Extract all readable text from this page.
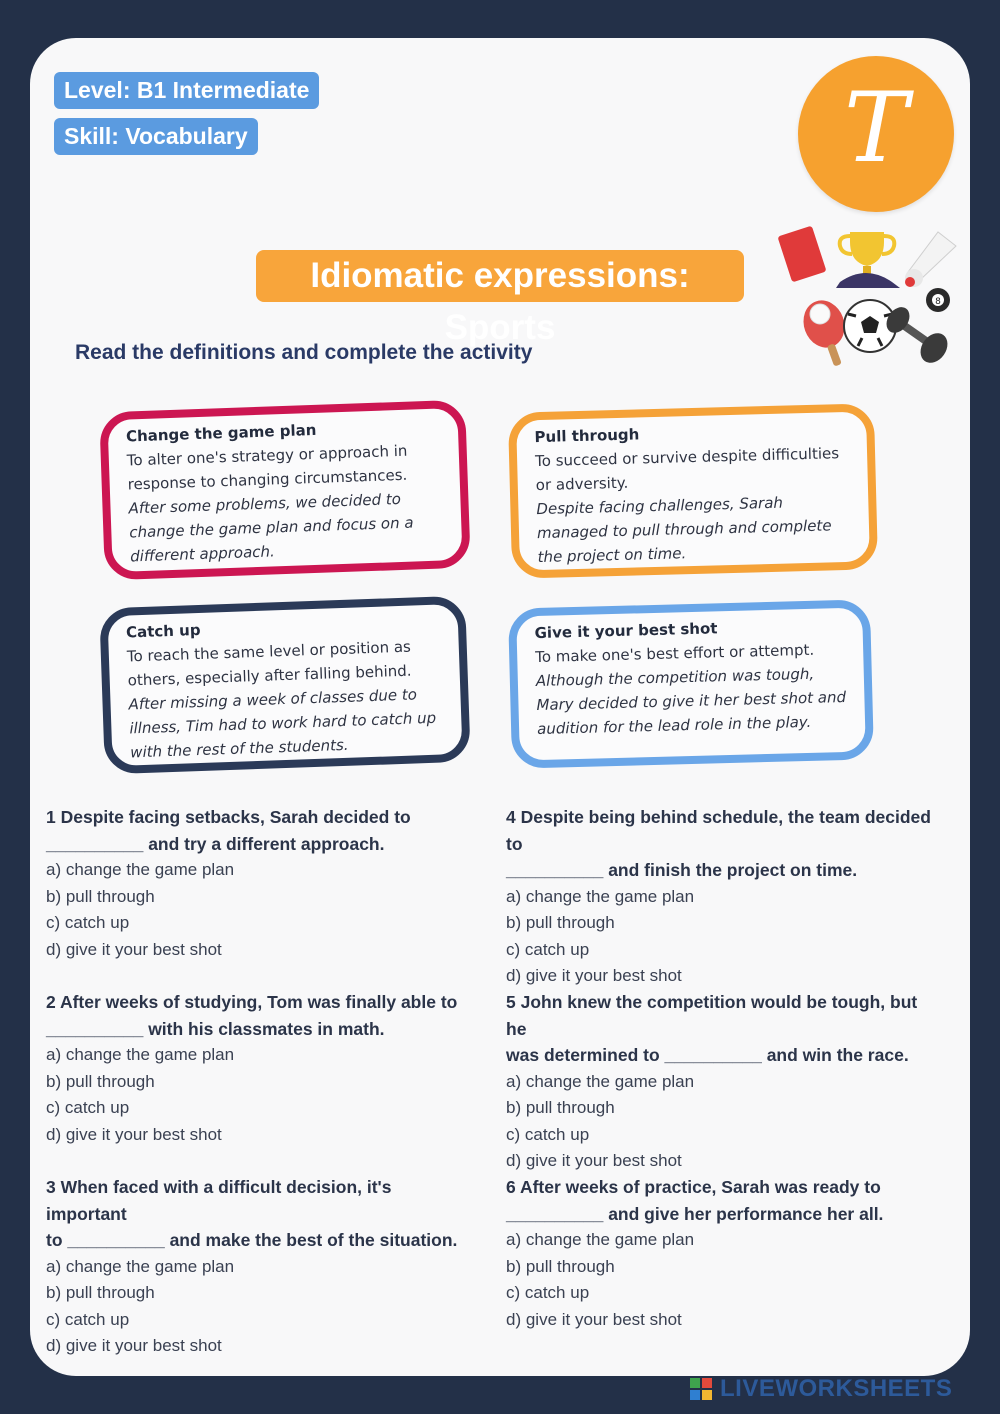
Level: B1 Intermediate
Skill: Vocabulary	T
Idiomatic expressions: Sports
8
Read the definitions and complete the activity
Change the game plan
To alter one's strategy or approach in response to changing circumstances.
After some problems, we decided to change the game plan and focus on a different approach.
Pull through
To succeed or survive despite difficulties or adversity.
Despite facing challenges, Sarah managed to pull through and complete the project on time.
Catch up
To reach the same level or position as others, especially after falling behind.
After missing a week of classes due to illness, Tim had to work hard to catch up with the rest of the students.
Give it your best shot
To make one's best effort or attempt.
Although the competition was tough, Mary decided to give it her best shot and audition for the lead role in the play.
1 Despite facing setbacks, Sarah decided to
__________ and try a different approach.
a) change the game plan
b) pull through
c) catch up
d) give it your best shot
2 After weeks of studying, Tom was finally able to
__________ with his classmates in math.
a) change the game plan
b) pull through
c) catch up
d) give it your best shot
3 When faced with a difficult decision, it's important
to __________ and make the best of the situation.
a) change the game plan
b) pull through
c) catch up
d) give it your best shot
4 Despite being behind schedule, the team decided to
__________ and finish the project on time.
a) change the game plan
b) pull through
c) catch up
d) give it your best shot
5 John knew the competition would be tough, but he
was determined to __________ and win the race.
a) change the game plan
b) pull through
c) catch up
d) give it your best shot
6 After weeks of practice, Sarah was ready to
__________ and give her performance her all.
a) change the game plan
b) pull through
c) catch up
d) give it your best shot
LIVEWORKSHEETS
